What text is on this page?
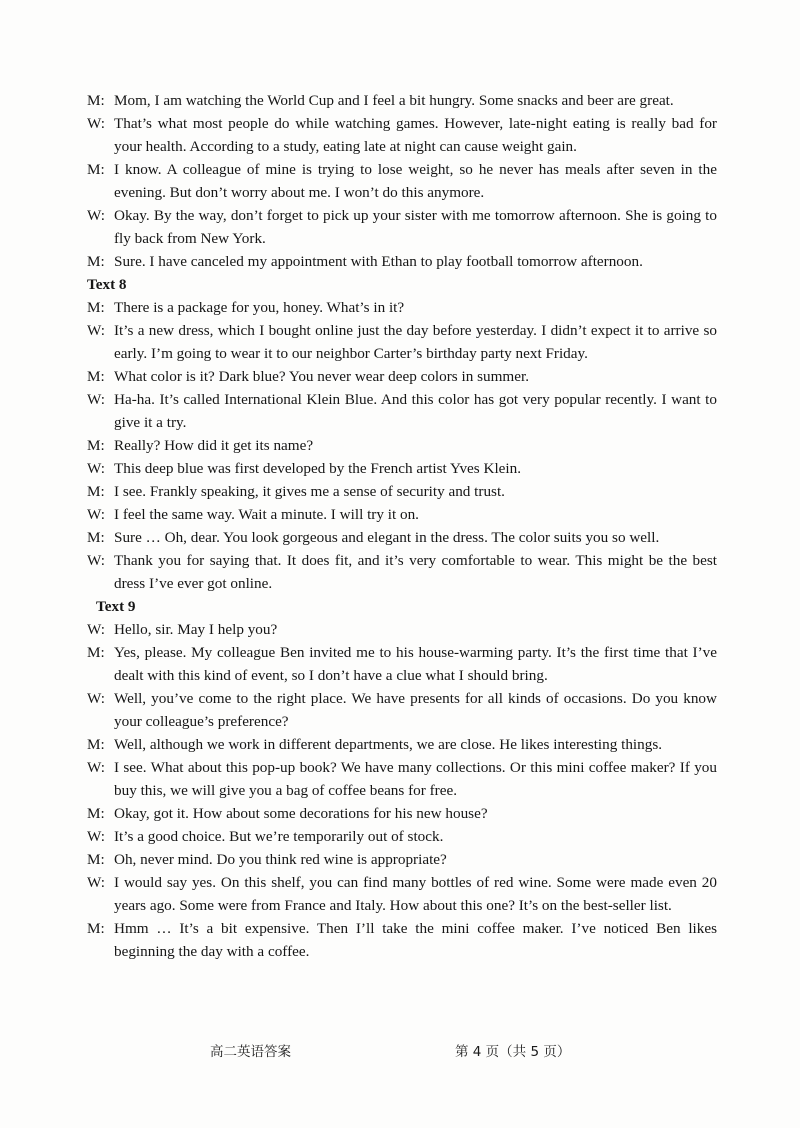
M: Mom, I am watching the World Cup and I feel a bit hungry. Some snacks and beer are great.

W: That’s what most people do while watching games. However, late-night eating is really bad for your health. According to a study, eating late at night can cause weight gain.

M: I know. A colleague of mine is trying to lose weight, so he never has meals after seven in the evening. But don’t worry about me. I won’t do this anymore.

W: Okay. By the way, don’t forget to pick up your sister with me tomorrow afternoon. She is going to fly back from New York.

M: Sure. I have canceled my appointment with Ethan to play football tomorrow afternoon.

Text 8

M: There is a package for you, honey. What’s in it?

W: It’s a new dress, which I bought online just the day before yesterday. I didn’t expect it to arrive so early. I’m going to wear it to our neighbor Carter’s birthday party next Friday.

M: What color is it? Dark blue? You never wear deep colors in summer.

W: Ha-ha. It’s called International Klein Blue. And this color has got very popular recently. I want to give it a try.

M: Really? How did it get its name?

W: This deep blue was first developed by the French artist Yves Klein.

M: I see. Frankly speaking, it gives me a sense of security and trust.

W: I feel the same way. Wait a minute. I will try it on.

M: Sure … Oh, dear. You look gorgeous and elegant in the dress. The color suits you so well.

W: Thank you for saying that. It does fit, and it’s very comfortable to wear. This might be the best dress I’ve ever got online.

Text 9

W: Hello, sir. May I help you?

M: Yes, please. My colleague Ben invited me to his house-warming party. It’s the first time that I’ve dealt with this kind of event, so I don’t have a clue what I should bring.

W: Well, you’ve come to the right place. We have presents for all kinds of occasions. Do you know your colleague’s preference?

M: Well, although we work in different departments, we are close. He likes interesting things.

W: I see. What about this pop-up book? We have many collections. Or this mini coffee maker? If you buy this, we will give you a bag of coffee beans for free.

M: Okay, got it. How about some decorations for his new house?

W: It’s a good choice. But we’re temporarily out of stock.

M: Oh, never mind. Do you think red wine is appropriate?

W: I would say yes. On this shelf, you can find many bottles of red wine. Some were made even 20 years ago. Some were from France and Italy. How about this one? It’s on the best-seller list.

M: Hmm … It’s a bit expensive. Then I’ll take the mini coffee maker. I’ve noticed Ben likes beginning the day with a coffee.

高二英语答案	第 4 页（共 5 页）
